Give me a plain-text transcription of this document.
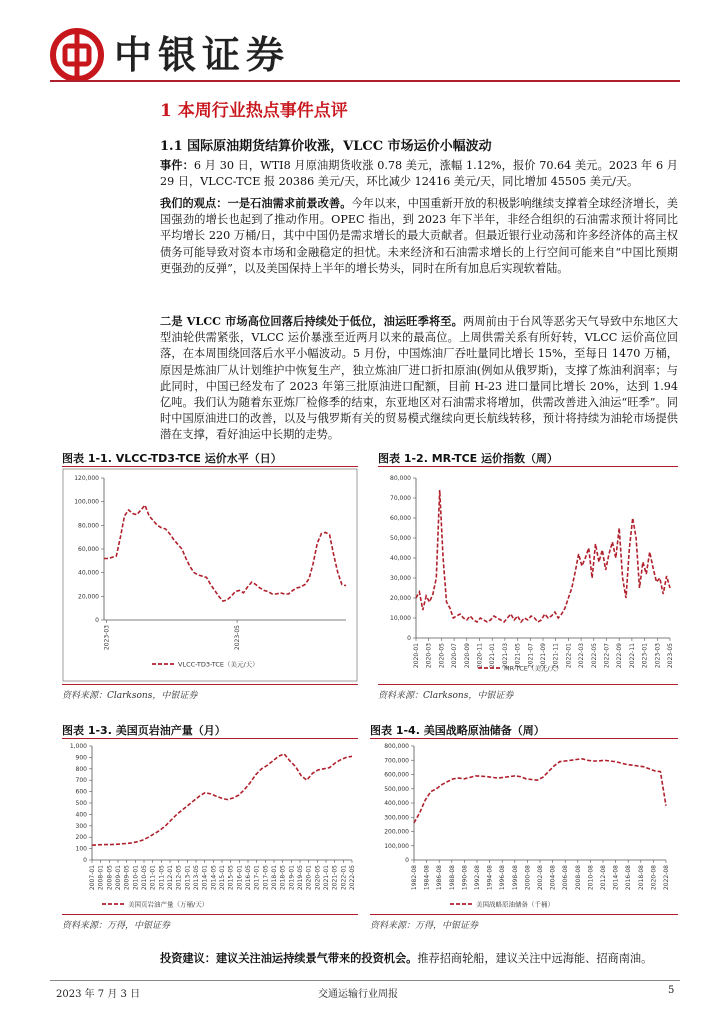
中银证券
1 本周行业热点事件点评
1.1 国际原油期货结算价收涨，VLCC 市场运价小幅波动
事件：6 月 30 日，WTI8 月原油期货收涨 0.78 美元，涨幅 1.12%，报价 70.64 美元。2023 年 6 月 29 日，VLCC-TCE 报 20386 美元/天，环比减少 12416 美元/天，同比增加 45505 美元/天。
我们的观点：一是石油需求前景改善。今年以来，中国重新开放的积极影响继续支撑着全球经济增长，美国强劲的增长也起到了推动作用。OPEC 指出，到 2023 年下半年，非经合组织的石油需求预计将同比平均增长 220 万桶/日，其中中国仍是需求增长的最大贡献者。但最近银行业动荡和许多经济体的高主权债务可能导致对资本市场和金融稳定的担忧。未来经济和石油需求增长的上行空间可能来自“中国比预期更强劲的反弹”，以及美国保持上半年的增长势头，同时在所有加息后实现软着陆。
二是 VLCC 市场高位回落后持续处于低位，油运旺季将至。两周前由于台风等恶劣天气导致中东地区大型油轮供需紧张，VLCC 运价暴涨至近两月以来的最高位。上周供需关系有所好转，VLCC 运价高位回落，在本周围绕回落后水平小幅波动。5 月份，中国炼油厂吞吐量同比增长 15%，至每日 1470 万桶，原因是炼油厂从计划维护中恢复生产，独立炼油厂进口折扣原油(例如从俄罗斯)，支撑了炼油利润率；与此同时，中国已经发布了 2023 年第三批原油进口配额，目前 H-23 进口量同比增长 20%，达到 1.94 亿吨。我们认为随着东亚炼厂检修季的结束，东亚地区对石油需求将增加，供需改善进入油运“旺季”。同时中国原油进口的改善，以及与俄罗斯有关的贸易模式继续向更长航线转移，预计将持续为油轮市场提供潜在支撑，看好油运中长期的走势。
图表 1-1. VLCC-TD3-TCE 运价水平（日）	图表 1-2. MR-TCE 运价指数（周）
图表 1-3. 美国页岩油产量（月）	图表 1-4. 美国战略原油储备（周）
0
20,000
40,000
60,000
80,000
100,000
120,000
2023-03	2023-05
VLCC-TD3-TCE（美元/天）
0
10,000
20,000
30,000
40,000
50,000
60,000
70,000
80,000
2020-01 2020-03 2020-05 2020-07 2020-09 2020-11 2021-01 2021-03 2021-05 2021-07 2021-09 2021-11 2022-01 2022-03 2022-05 2022-07 2022-09 2022-11 2023-01 2023-03 2023-05
MR-TCE（美元/天）
0
100
200
300
400
500
600
700
800
900
1,000
2007-01 2008-01 2008-05 2009-01 2009-05 2010-01 2010-05 2011-01 2011-05 2012-01 2012-05 2013-01 2013-05 2014-01 2014-05 2015-01 2015-05 2016-01 2016-05 2017-01 2017-05 2018-01 2018-05 2019-01 2019-05 2020-01 2020-05 2021-01 2021-05 2022-01 2022-05
美国页岩油产量（万桶/天）
0
100,000
200,000
300,000
400,000
500,000
600,000
700,000
800,000
1982-08 1984-08 1986-08 1988-08 1990-08 1992-08 1994-08 1996-08 1998-08 2000-08 2002-08 2004-08 2006-08 2008-08 2010-08 2012-08 2014-08 2016-08 2018-08 2020-08 2022-08
美国战略原油储备（千桶）
资料来源：Clarksons，中银证券	资料来源：Clarksons，中银证券
资料来源：万得，中银证券	资料来源：万得，中银证券
投资建议：建议关注油运持续景气带来的投资机会。推荐招商轮船，建议关注中远海能、招商南油。
2023 年 7 月 3 日	交通运输行业周报	5
